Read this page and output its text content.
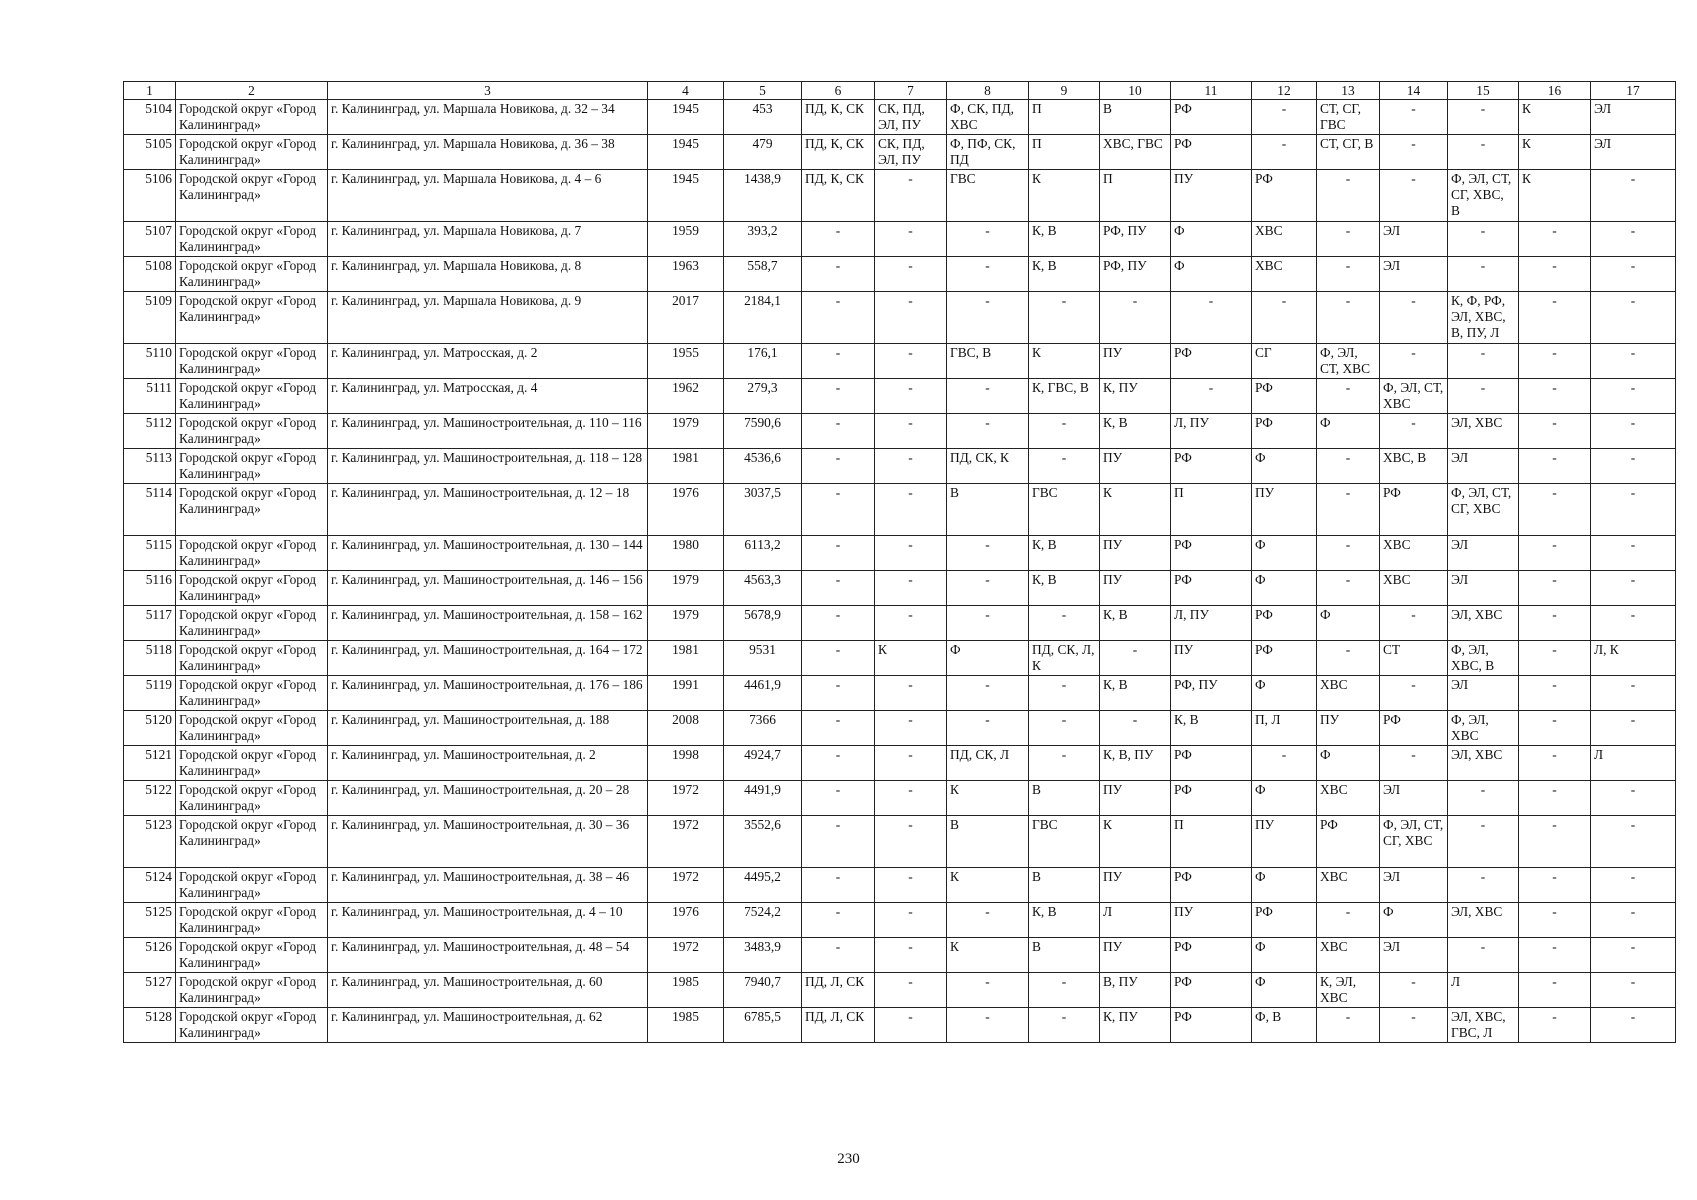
1	2	3	4	5	6	7	8	9	10	11	12	13	14	15	16	17
5104	Городской округ «Город Калининград»	г. Калининград, ул. Маршала Новикова, д. 32 – 34	1945	453	ПД, К, СК	СК, ПД, ЭЛ, ПУ	Ф, СК, ПД, ХВС	П	В	РФ	-	СТ, СГ, ГВС	-	-	К	ЭЛ
5105	Городской округ «Город Калининград»	г. Калининград, ул. Маршала Новикова, д. 36 – 38	1945	479	ПД, К, СК	СК, ПД, ЭЛ, ПУ	Ф, ПФ, СК, ПД	П	ХВС, ГВС	РФ	-	СТ, СГ, В	-	-	К	ЭЛ
5106	Городской округ «Город Калининград»	г. Калининград, ул. Маршала Новикова, д. 4 – 6	1945	1438,9	ПД, К, СК	-	ГВС	К	П	ПУ	РФ	-	-	Ф, ЭЛ, СТ, СГ, ХВС, В	К	-
5107	Городской округ «Город Калининград»	г. Калининград, ул. Маршала Новикова, д. 7	1959	393,2	-	-	-	К, В	РФ, ПУ	Ф	ХВС	-	ЭЛ	-	-	-
5108	Городской округ «Город Калининград»	г. Калининград, ул. Маршала Новикова, д. 8	1963	558,7	-	-	-	К, В	РФ, ПУ	Ф	ХВС	-	ЭЛ	-	-	-
5109	Городской округ «Город Калининград»	г. Калининград, ул. Маршала Новикова, д. 9	2017	2184,1	-	-	-	-	-	-	-	-	-	К, Ф, РФ, ЭЛ, ХВС, В, ПУ, Л	-	-
5110	Городской округ «Город Калининград»	г. Калининград, ул. Матросская, д. 2	1955	176,1	-	-	ГВС, В	К	ПУ	РФ	СГ	Ф, ЭЛ, СТ, ХВС	-	-	-	-
5111	Городской округ «Город Калининград»	г. Калининград, ул. Матросская, д. 4	1962	279,3	-	-	-	К, ГВС, В	К, ПУ	-	РФ	-	Ф, ЭЛ, СТ, ХВС	-	-	-
5112	Городской округ «Город Калининград»	г. Калининград, ул. Машиностроительная, д. 110 – 116	1979	7590,6	-	-	-	-	К, В	Л, ПУ	РФ	Ф	-	ЭЛ, ХВС	-	-
5113	Городской округ «Город Калининград»	г. Калининград, ул. Машиностроительная, д. 118 – 128	1981	4536,6	-	-	ПД, СК, К	-	ПУ	РФ	Ф	-	ХВС, В	ЭЛ	-	-
5114	Городской округ «Город Калининград»	г. Калининград, ул. Машиностроительная, д. 12 – 18	1976	3037,5	-	-	В	ГВС	К	П	ПУ	-	РФ	Ф, ЭЛ, СТ, СГ, ХВС	-	-
5115	Городской округ «Город Калининград»	г. Калининград, ул. Машиностроительная, д. 130 – 144	1980	6113,2	-	-	-	К, В	ПУ	РФ	Ф	-	ХВС	ЭЛ	-	-
5116	Городской округ «Город Калининград»	г. Калининград, ул. Машиностроительная, д. 146 – 156	1979	4563,3	-	-	-	К, В	ПУ	РФ	Ф	-	ХВС	ЭЛ	-	-
5117	Городской округ «Город Калининград»	г. Калининград, ул. Машиностроительная, д. 158 – 162	1979	5678,9	-	-	-	-	К, В	Л, ПУ	РФ	Ф	-	ЭЛ, ХВС	-	-
5118	Городской округ «Город Калининград»	г. Калининград, ул. Машиностроительная, д. 164 – 172	1981	9531	-	К	Ф	ПД, СК, Л, К	-	ПУ	РФ	-	СТ	Ф, ЭЛ, ХВС, В	-	Л, К
5119	Городской округ «Город Калининград»	г. Калининград, ул. Машиностроительная, д. 176 – 186	1991	4461,9	-	-	-	-	К, В	РФ, ПУ	Ф	ХВС	-	ЭЛ	-	-
5120	Городской округ «Город Калининград»	г. Калининград, ул. Машиностроительная, д. 188	2008	7366	-	-	-	-	-	К, В	П, Л	ПУ	РФ	Ф, ЭЛ, ХВС	-	-
5121	Городской округ «Город Калининград»	г. Калининград, ул. Машиностроительная, д. 2	1998	4924,7	-	-	ПД, СК, Л	-	К, В, ПУ	РФ	-	Ф	-	ЭЛ, ХВС	-	Л
5122	Городской округ «Город Калининград»	г. Калининград, ул. Машиностроительная, д. 20 – 28	1972	4491,9	-	-	К	В	ПУ	РФ	Ф	ХВС	ЭЛ	-	-	-
5123	Городской округ «Город Калининград»	г. Калининград, ул. Машиностроительная, д. 30 – 36	1972	3552,6	-	-	В	ГВС	К	П	ПУ	РФ	Ф, ЭЛ, СТ, СГ, ХВС	-	-	-
5124	Городской округ «Город Калининград»	г. Калининград, ул. Машиностроительная, д. 38 – 46	1972	4495,2	-	-	К	В	ПУ	РФ	Ф	ХВС	ЭЛ	-	-	-
5125	Городской округ «Город Калининград»	г. Калининград, ул. Машиностроительная, д. 4 – 10	1976	7524,2	-	-	-	К, В	Л	ПУ	РФ	-	Ф	ЭЛ, ХВС	-	-
5126	Городской округ «Город Калининград»	г. Калининград, ул. Машиностроительная, д. 48 – 54	1972	3483,9	-	-	К	В	ПУ	РФ	Ф	ХВС	ЭЛ	-	-	-
5127	Городской округ «Город Калининград»	г. Калининград, ул. Машиностроительная, д. 60	1985	7940,7	ПД, Л, СК	-	-	-	В, ПУ	РФ	Ф	К, ЭЛ, ХВС	-	Л	-	-
5128	Городской округ «Город Калининград»	г. Калининград, ул. Машиностроительная, д. 62	1985	6785,5	ПД, Л, СК	-	-	-	К, ПУ	РФ	Ф, В	-	-	ЭЛ, ХВС, ГВС, Л	-	-
230
